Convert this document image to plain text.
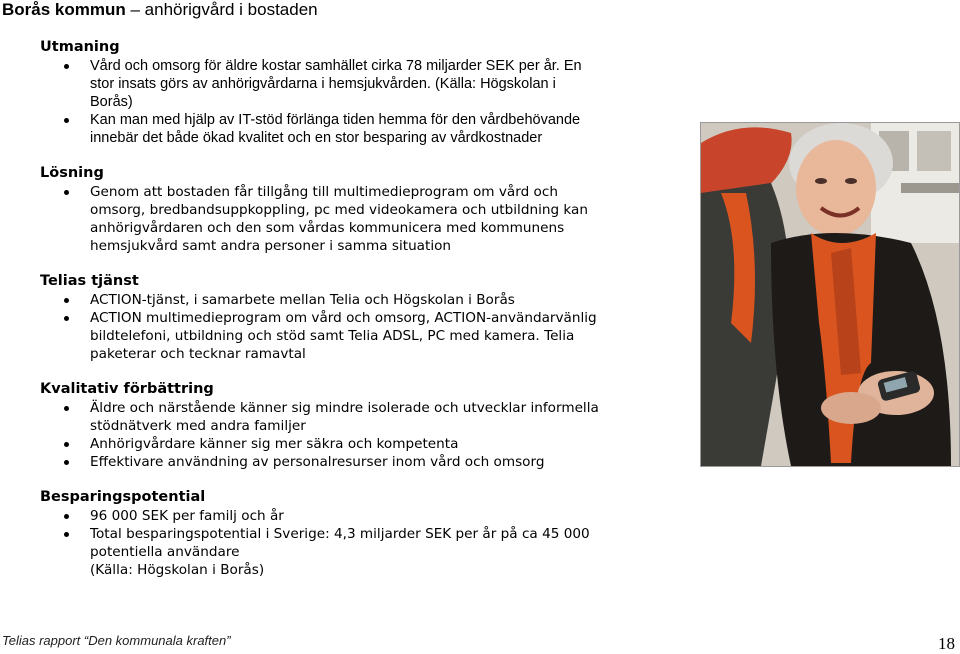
Borås kommun – anhörigvård i bostaden
Utmaning
Vård och omsorg för äldre kostar samhället cirka 78 miljarder SEK per år. En stor insats görs av anhörigvårdarna i hemsjukvården. (Källa: Högskolan i Borås)
Kan man med hjälp av IT-stöd förlänga tiden hemma för den vårdbehövande innebär det både ökad kvalitet och en stor besparing av vårdkostnader
Lösning
Genom att bostaden får tillgång till multimedieprogram om vård och omsorg, bredbandsuppkoppling, pc med videokamera och utbildning kan anhörigvårdaren och den som vårdas kommunicera med kommunens hemsjukvård samt andra personer i samma situation
Telias tjänst
ACTION-tjänst, i samarbete mellan Telia och Högskolan i Borås
ACTION multimedieprogram om vård och omsorg, ACTION-användarvänlig bildtelefoni, utbildning och stöd samt Telia ADSL, PC med kamera. Telia paketerar och tecknar ramavtal
Kvalitativ förbättring
Äldre och närstående känner sig mindre isolerade och utvecklar informella stödnätverk med andra familjer
Anhörigvårdare känner sig mer säkra och kompetenta
Effektivare användning av personalresurser inom vård och omsorg
Besparingspotential
96 000 SEK per familj och år
Total besparingspotential i Sverige: 4,3 miljarder SEK per år på ca 45 000 potentiella användare
(Källa: Högskolan i Borås)
Telias rapport “Den kommunala kraften”	18
